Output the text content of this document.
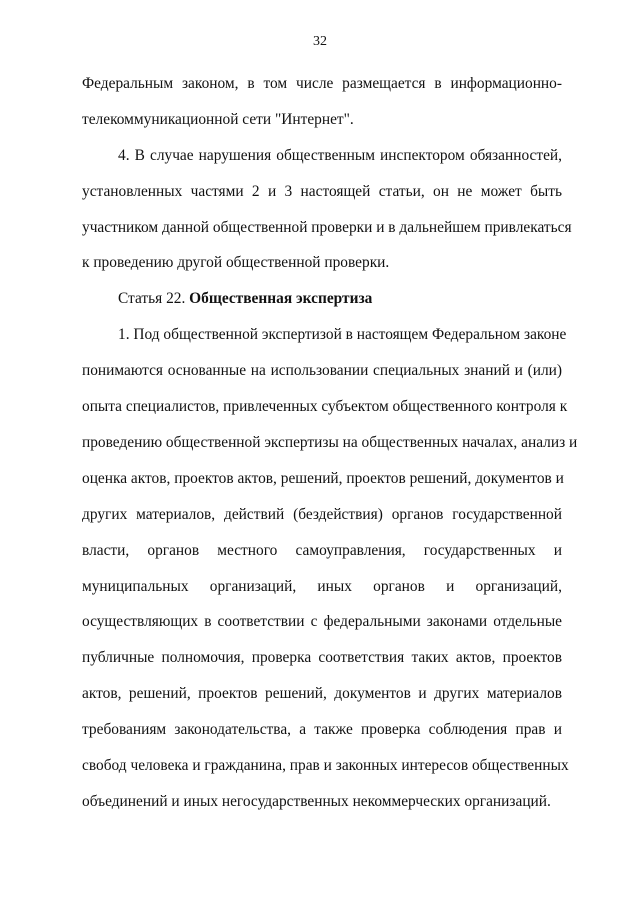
32
Федеральным законом, в том числе размещается в информационно-
телекоммуникационной сети "Интернет".
4. В случае нарушения общественным инспектором обязанностей,
установленных частями 2 и 3 настоящей статьи, он не может быть
участником данной общественной проверки и в дальнейшем привлекаться
к проведению другой общественной проверки.
Статья 22. Общественная экспертиза
1. Под общественной экспертизой в настоящем Федеральном законе
понимаются основанные на использовании специальных знаний и (или)
опыта специалистов, привлеченных субъектом общественного контроля к
проведению общественной экспертизы на общественных началах, анализ и
оценка актов, проектов актов, решений, проектов решений, документов и
других материалов, действий (бездействия) органов государственной
власти, органов местного самоуправления, государственных и
муниципальных организаций, иных органов и организаций,
осуществляющих в соответствии с федеральными законами отдельные
публичные полномочия, проверка соответствия таких актов, проектов
актов, решений, проектов решений, документов и других материалов
требованиям законодательства, а также проверка соблюдения прав и
свобод человека и гражданина, прав и законных интересов общественных
объединений и иных негосударственных некоммерческих организаций.
